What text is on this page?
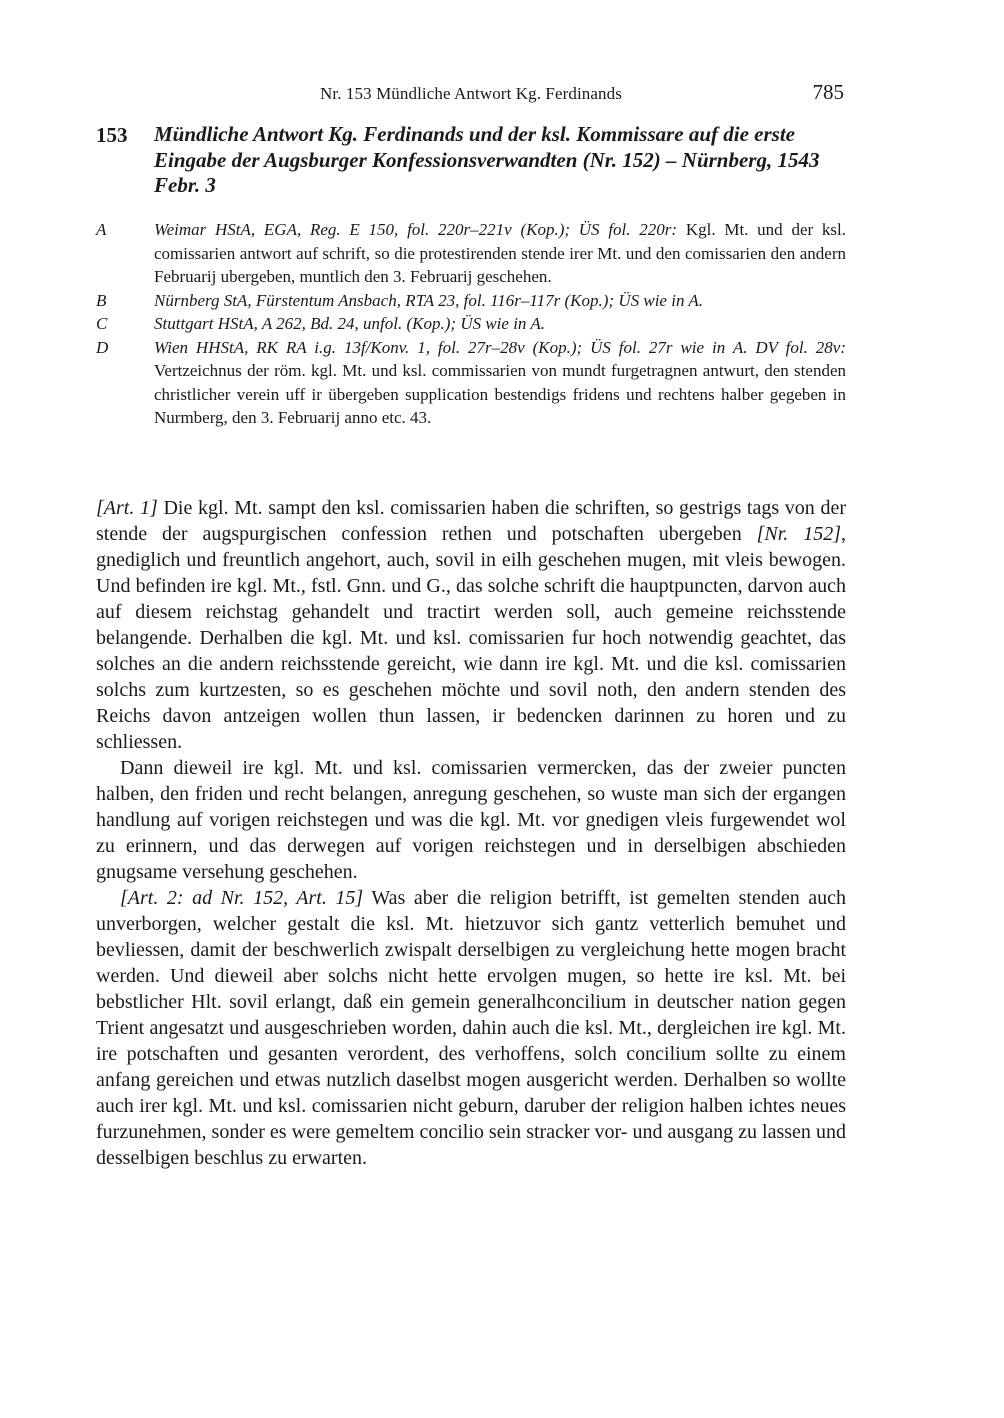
Nr. 153 Mündliche Antwort Kg. Ferdinands	785
153 Mündliche Antwort Kg. Ferdinands und der ksl. Kommissare auf die erste Eingabe der Augsburger Konfessionsverwandten (Nr. 152) – Nürnberg, 1543 Febr. 3
A	Weimar HStA, EGA, Reg. E 150, fol. 220r–221v (Kop.); ÜS fol. 220r: Kgl. Mt. und der ksl. comissarien antwort auf schrift, so die protestirenden stende irer Mt. und den comissarien den andern Februarij ubergeben, muntlich den 3. Februarij geschehen.
B	Nürnberg StA, Fürstentum Ansbach, RTA 23, fol. 116r–117r (Kop.); ÜS wie in A.
C	Stuttgart HStA, A 262, Bd. 24, unfol. (Kop.); ÜS wie in A.
D	Wien HHStA, RK RA i.g. 13f/Konv. 1, fol. 27r–28v (Kop.); ÜS fol. 27r wie in A. DV fol. 28v: Vertzeichnus der röm. kgl. Mt. und ksl. commissarien von mundt furgetragnen antwurt, den stenden christlicher verein uff ir übergeben supplication bestendigs fridens und rechtens halber gegeben in Nurmberg, den 3. Februarij anno etc. 43.

[Art. 1] Die kgl. Mt. sampt den ksl. comissarien haben die schriften, so gestrigs tags von der stende der augspurgischen confession rethen und potschaften ubergeben [Nr. 152], gnediglich und freuntlich angehort, auch, sovil in eilh geschehen mugen, mit vleis bewogen. Und befinden ire kgl. Mt., fstl. Gnn. und G., das solche schrift die hauptpuncten, darvon auch auf diesem reichstag gehandelt und tractirt werden soll, auch gemeine reichsstende belangende. Derhalben die kgl. Mt. und ksl. comissarien fur hoch notwendig geachtet, das solches an die andern reichsstende gereicht, wie dann ire kgl. Mt. und die ksl. comissarien solchs zum kurtzesten, so es geschehen möchte und sovil noth, den andern stenden des Reichs davon antzeigen wollen thun lassen, ir bedencken darinnen zu horen und zu schliessen.

Dann dieweil ire kgl. Mt. und ksl. comissarien vermercken, das der zweier puncten halben, den friden und recht belangen, anregung geschehen, so wuste man sich der ergangen handlung auf vorigen reichstegen und was die kgl. Mt. vor gnedigen vleis furgewendet wol zu erinnern, und das derwegen auf vorigen reichstegen und in derselbigen abschieden gnugsame versehung geschehen.

[Art. 2: ad Nr. 152, Art. 15] Was aber die religion betrifft, ist gemelten stenden auch unverborgen, welcher gestalt die ksl. Mt. hietzuvor sich gantz vetterlich bemuhet und bevliessen, damit der beschwerlich zwispalt derselbigen zu vergleichung hette mogen bracht werden. Und dieweil aber solchs nicht hette ervolgen mugen, so hette ire ksl. Mt. bei bebstlicher Hlt. sovil erlangt, daß ein gemein generalhconcilium in deutscher nation gegen Trient angesatzt und ausgeschrieben worden, dahin auch die ksl. Mt., dergleichen ire kgl. Mt. ire potschaften und gesanten verordent, des verhoffens, solch concilium sollte zu einem anfang gereichen und etwas nutzlich daselbst mogen ausgericht werden. Derhalben so wollte auch irer kgl. Mt. und ksl. comissarien nicht geburn, daruber der religion halben ichtes neues furzunehmen, sonder es were gemeltem concilio sein stracker vor- und ausgang zu lassen und desselbigen beschlus zu erwarten.
